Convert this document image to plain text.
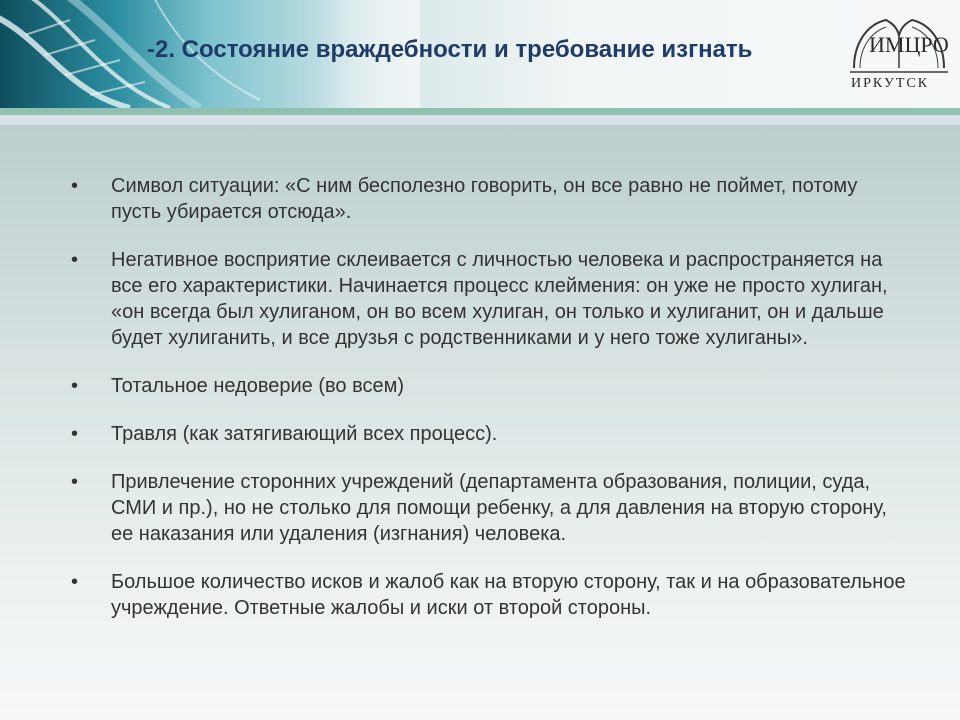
-2. Состояние враждебности и требование изгнать	ИМЦРО
ИРКУТСК
• Символ ситуации: «С ним бесполезно говорить, он все равно не поймет, потому пусть убирается отсюда».
• Негативное восприятие склеивается с личностью человека и распространяется на все его характеристики. Начинается процесс клеймения: он уже не просто хулиган, «он всегда был хулиганом, он во всем хулиган, он только и хулиганит, он и дальше будет хулиганить, и все друзья с родственниками и у него тоже хулиганы».
• Тотальное недоверие (во всем)
• Травля (как затягивающий всех процесс).
• Привлечение сторонних учреждений (департамента образования, полиции, суда, СМИ и пр.), но не столько для помощи ребенку, а для давления на вторую сторону, ее наказания или удаления (изгнания) человека.
• Большое количество исков и жалоб как на вторую сторону, так и на образовательное учреждение. Ответные жалобы и иски от второй стороны.
